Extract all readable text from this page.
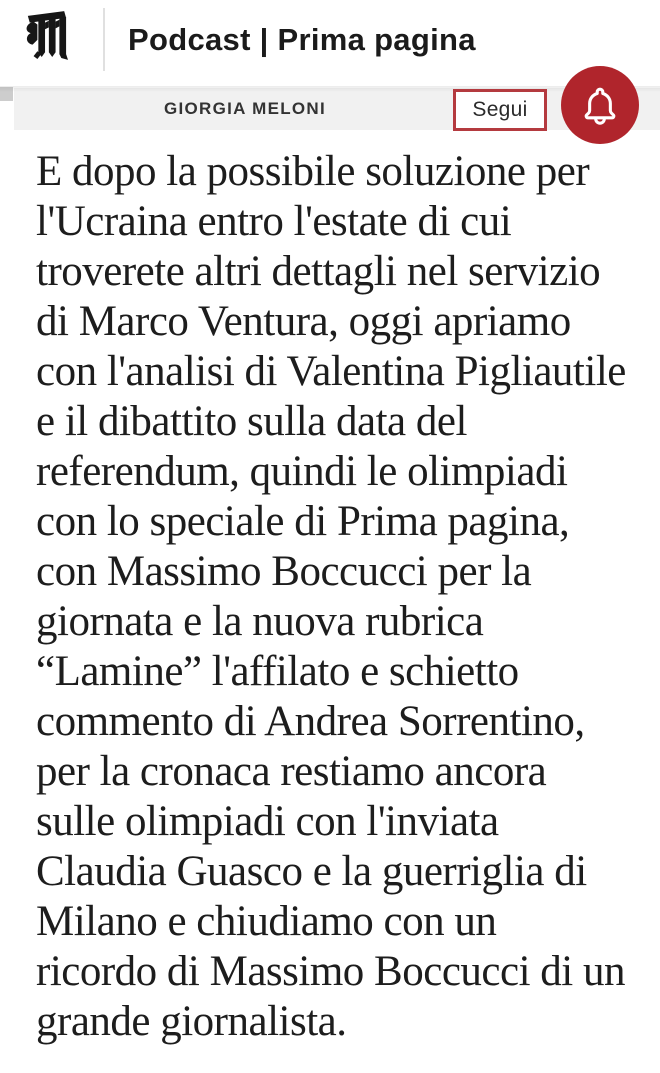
Podcast | Prima pagina
GIORGIA MELONI	Segui
E dopo la possibile soluzione per
l'Ucraina entro l'estate di cui
troverete altri dettagli nel servizio
di Marco Ventura, oggi apriamo
con l'analisi di Valentina Pigliautile
e il dibattito sulla data del
referendum, quindi le olimpiadi
con lo speciale di Prima pagina,
con Massimo Boccucci per la
giornata e la nuova rubrica
“Lamine” l'affilato e schietto
commento di Andrea Sorrentino,
per la cronaca restiamo ancora
sulle olimpiadi con l'inviata
Claudia Guasco e la guerriglia di
Milano e chiudiamo con un
ricordo di Massimo Boccucci di un
grande giornalista.
